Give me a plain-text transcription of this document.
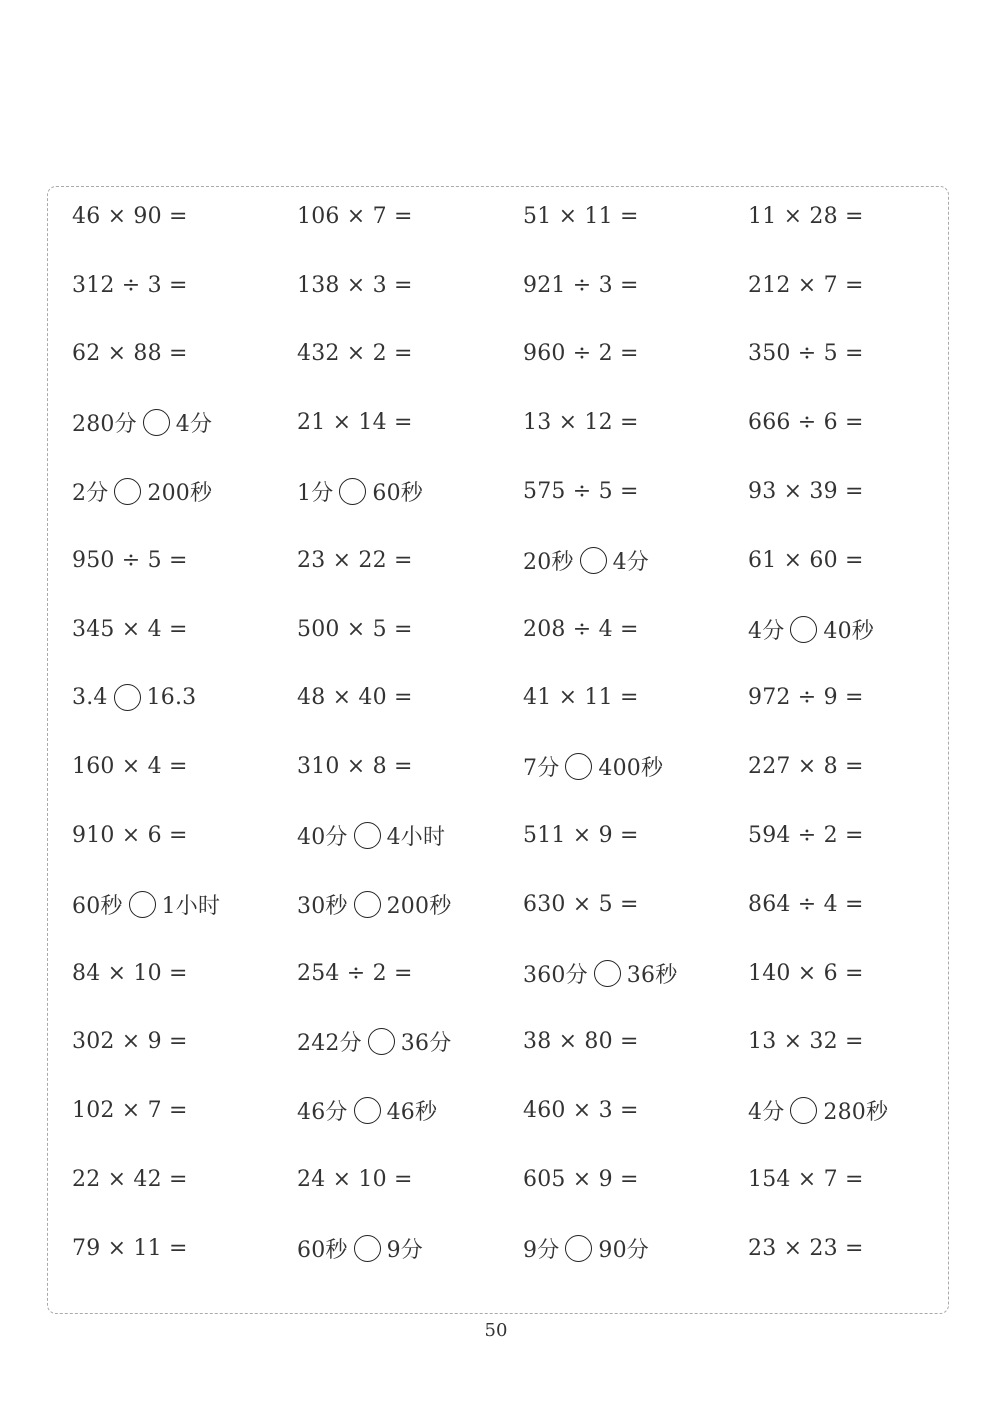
46 × 90 =	106 × 7 =	51 × 11 =	11 × 28 =
312 ÷ 3 =	138 × 3 =	921 ÷ 3 =	212 × 7 =
62 × 88 =	432 × 2 =	960 ÷ 2 =	350 ÷ 5 =
280分 4分	21 × 14 =	13 × 12 =	666 ÷ 6 =
2分 200秒	1分 60秒	575 ÷ 5 =	93 × 39 =
950 ÷ 5 =	23 × 22 =	20秒 4分	61 × 60 =
345 × 4 =	500 × 5 =	208 ÷ 4 =	4分 40秒
3.4 16.3	48 × 40 =	41 × 11 =	972 ÷ 9 =
160 × 4 =	310 × 8 =	7分 400秒	227 × 8 =
910 × 6 =	40分 4小时	511 × 9 =	594 ÷ 2 =
60秒 1小时	30秒 200秒	630 × 5 =	864 ÷ 4 =
84 × 10 =	254 ÷ 2 =	360分 36秒	140 × 6 =
302 × 9 =	242分 36分	38 × 80 =	13 × 32 =
102 × 7 =	46分 46秒	460 × 3 =	4分 280秒
22 × 42 =	24 × 10 =	605 × 9 =	154 × 7 =
79 × 11 =	60秒 9分	9分 90分	23 × 23 =
50
